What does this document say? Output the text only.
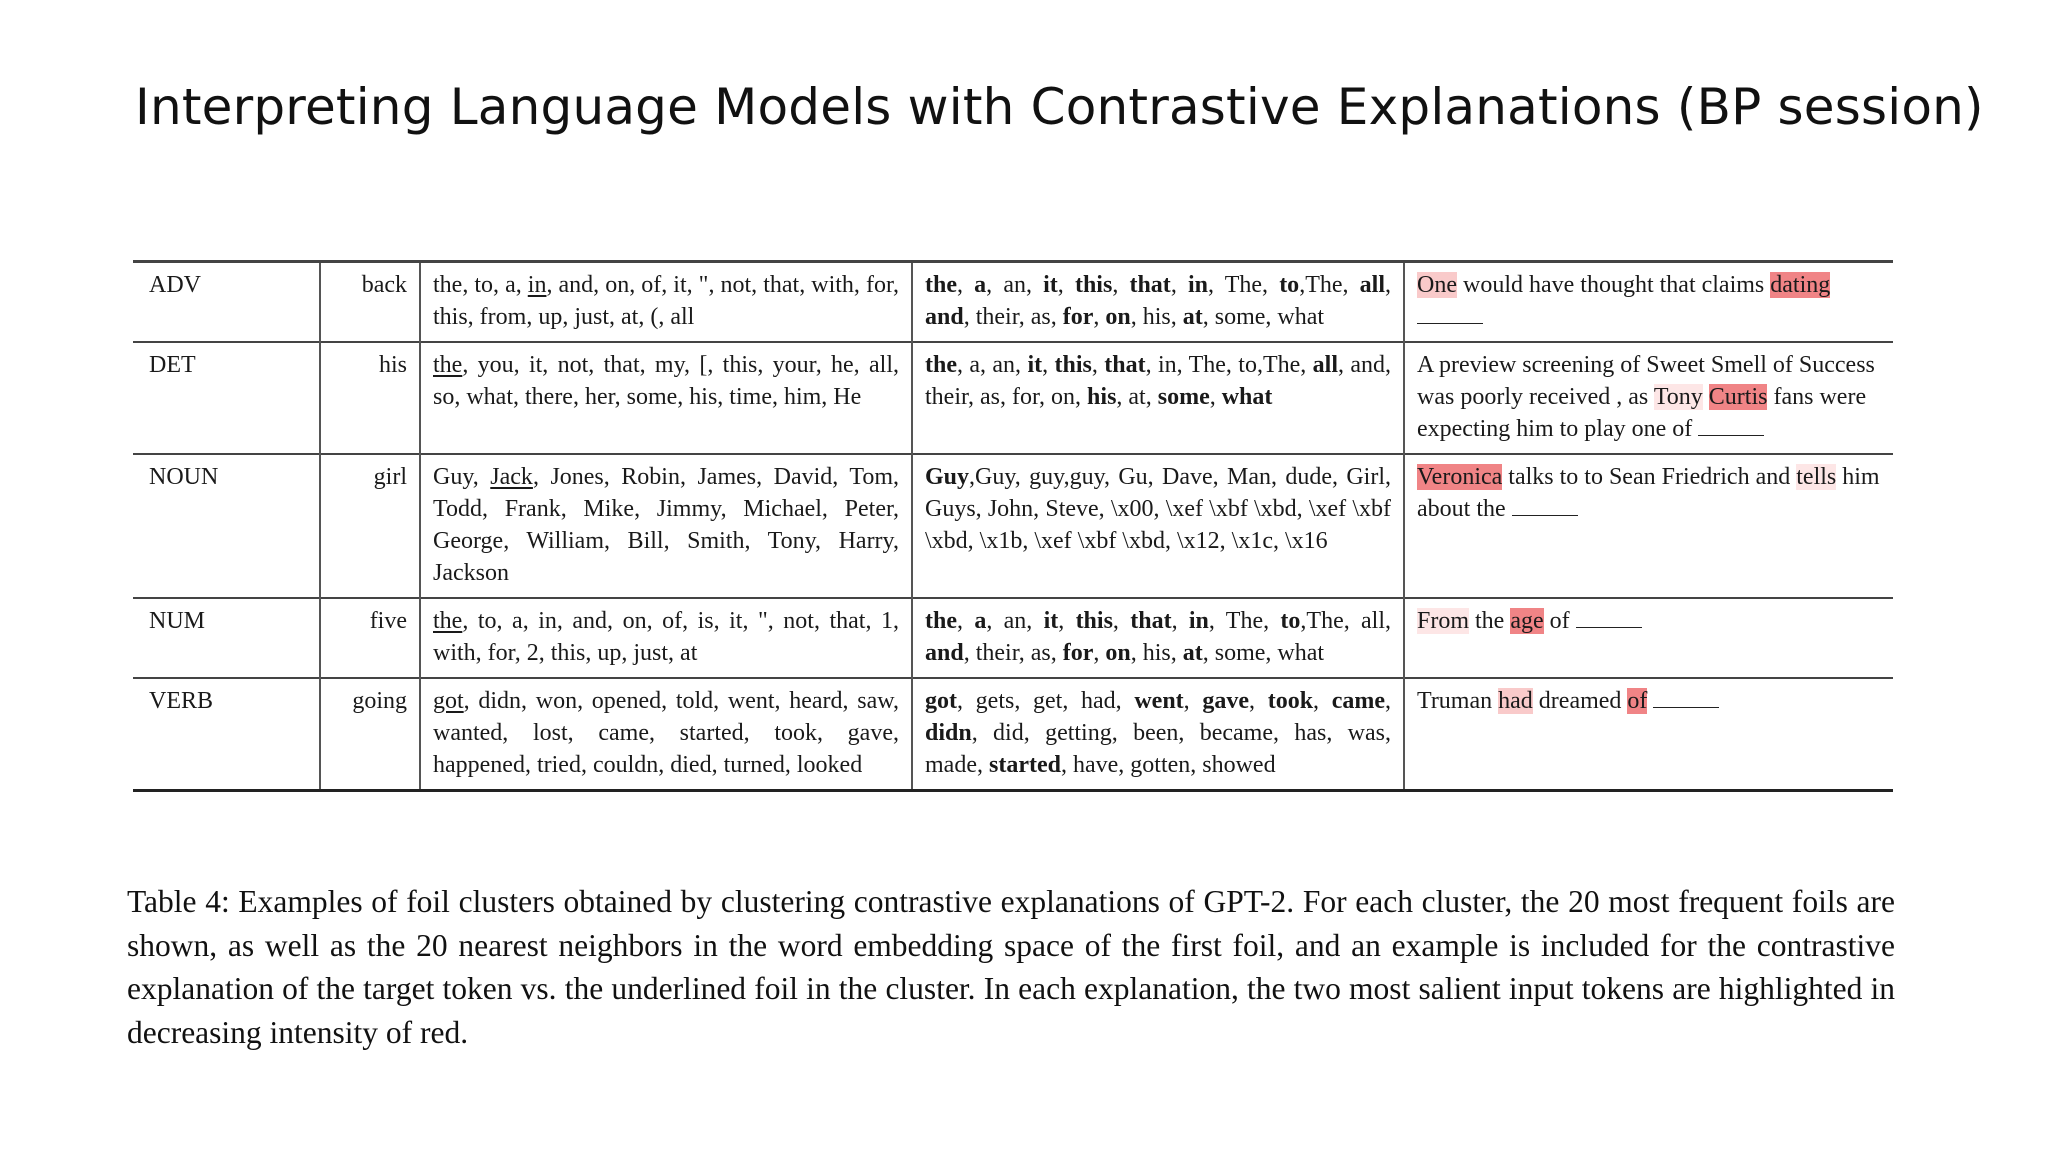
Interpreting Language Models with Contrastive Explanations (BP session)
ADV	back	the, to, a, in, and, on, of, it, ", not, that, with, for, this, from, up, just, at, (, all	the, a, an, it, this, that, in, The, to,The, all, and, their, as, for, on, his, at, some, what	One would have thought that claims dating
DET	his	the, you, it, not, that, my, [, this, your, he, all, so, what, there, her, some, his, time, him, He	the, a, an, it, this, that, in, The, to,The, all, and, their, as, for, on, his, at, some, what	A preview screening of Sweet Smell of Success was poorly received , as Tony Curtis fans were expecting him to play one of
NOUN	girl	Guy, Jack, Jones, Robin, James, David, Tom, Todd, Frank, Mike, Jimmy, Michael, Peter, George, William, Bill, Smith, Tony, Harry, Jackson	Guy,Guy, guy,guy, Gu, Dave, Man, dude, Girl, Guys, John, Steve, \x00, \xef \xbf \xbd, \xef \xbf \xbd, \x1b, \xef \xbf \xbd, \x12, \x1c, \x16	Veronica talks to to Sean Friedrich and tells him about the
NUM	five	the, to, a, in, and, on, of, is, it, ", not, that, 1, with, for, 2, this, up, just, at	the, a, an, it, this, that, in, The, to,The, all, and, their, as, for, on, his, at, some, what	From the age of
VERB	going	got, didn, won, opened, told, went, heard, saw, wanted, lost, came, started, took, gave, happened, tried, couldn, died, turned, looked	got, gets, get, had, went, gave, took, came, didn, did, getting, been, became, has, was, made, started, have, gotten, showed	Truman had dreamed of
Table 4: Examples of foil clusters obtained by clustering contrastive explanations of GPT-2. For each cluster, the 20 most frequent foils are shown, as well as the 20 nearest neighbors in the word embedding space of the first foil, and an example is included for the contrastive explanation of the target token vs. the underlined foil in the cluster. In each explanation, the two most salient input tokens are highlighted in decreasing intensity of red.
